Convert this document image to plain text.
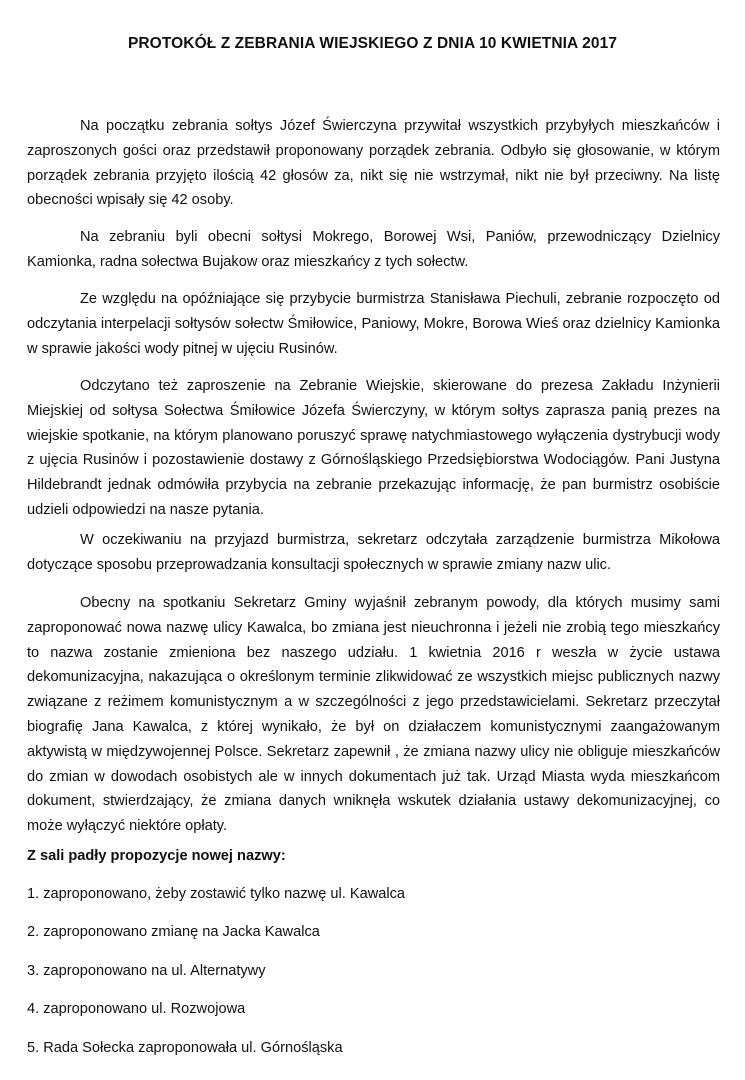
PROTOKÓŁ Z ZEBRANIA WIEJSKIEGO Z DNIA 10 KWIETNIA 2017

Na początku zebrania sołtys Józef Świerczyna przywitał wszystkich przybyłych mieszkańców i zaproszonych gości oraz przedstawił proponowany porządek zebrania. Odbyło się głosowanie, w którym porządek zebrania przyjęto ilością 42 głosów za, nikt się nie wstrzymał, nikt nie był przeciwny. Na listę obecności wpisały się 42 osoby.

Na zebraniu byli obecni sołtysi Mokrego, Borowej Wsi, Paniów, przewodniczący Dzielnicy Kamionka, radna sołectwa Bujakow oraz mieszkańcy z tych sołectw.

Ze względu na opóźniające się przybycie burmistrza Stanisława Piechuli, zebranie rozpoczęto od odczytania interpelacji sołtysów sołectw Śmiłowice, Paniowy, Mokre, Borowa Wieś oraz dzielnicy Kamionka w sprawie jakości wody pitnej w ujęciu Rusinów.

Odczytano też zaproszenie na Zebranie Wiejskie, skierowane do prezesa Zakładu Inżynierii Miejskiej od sołtysa Sołectwa Śmiłowice Józefa Świerczyny, w którym sołtys zaprasza panią prezes na wiejskie spotkanie, na którym planowano poruszyć sprawę natychmiastowego wyłączenia dystrybucji wody z ujęcia Rusinów i pozostawienie dostawy z Górnośląskiego Przedsiębiorstwa Wodociągów. Pani Justyna Hildebrandt jednak odmówiła przybycia na zebranie przekazując informację, że pan burmistrz osobiście udzieli odpowiedzi na nasze pytania.

W oczekiwaniu na przyjazd burmistrza, sekretarz odczytała zarządzenie burmistrza Mikołowa dotyczące sposobu przeprowadzania konsultacji społecznych w sprawie zmiany nazw ulic.

Obecny na spotkaniu Sekretarz Gminy wyjaśnił zebranym powody, dla których musimy sami zaproponować nowa nazwę ulicy Kawalca, bo zmiana jest nieuchronna i jeżeli nie zrobią tego mieszkańcy to nazwa zostanie zmieniona bez naszego udziału. 1 kwietnia 2016 r weszła w życie ustawa dekomunizacyjna, nakazująca o określonym terminie zlikwidować ze wszystkich miejsc publicznych nazwy związane z reżimem komunistycznym a w szczególności z jego przedstawicielami. Sekretarz przeczytał biografię Jana Kawalca, z której wynikało, że był on działaczem komunistycznymi zaangażowanym aktywistą w międzywojennej Polsce. Sekretarz zapewnił , że zmiana nazwy ulicy nie obliguje mieszkańców do zmian w dowodach osobistych ale w innych dokumentach już tak. Urząd Miasta wyda mieszkańcom dokument, stwierdzający, że zmiana danych wniknęła wskutek działania ustawy dekomunizacyjnej, co może wyłączyć niektóre opłaty.

Z sali padły propozycje nowej nazwy:

1. zaproponowano, żeby zostawić tylko nazwę ul. Kawalca

2. zaproponowano zmianę na Jacka Kawalca

3. zaproponowano na ul. Alternatywy

4. zaproponowano ul. Rozwojowa

5. Rada Sołecka zaproponowała ul. Górnośląska
